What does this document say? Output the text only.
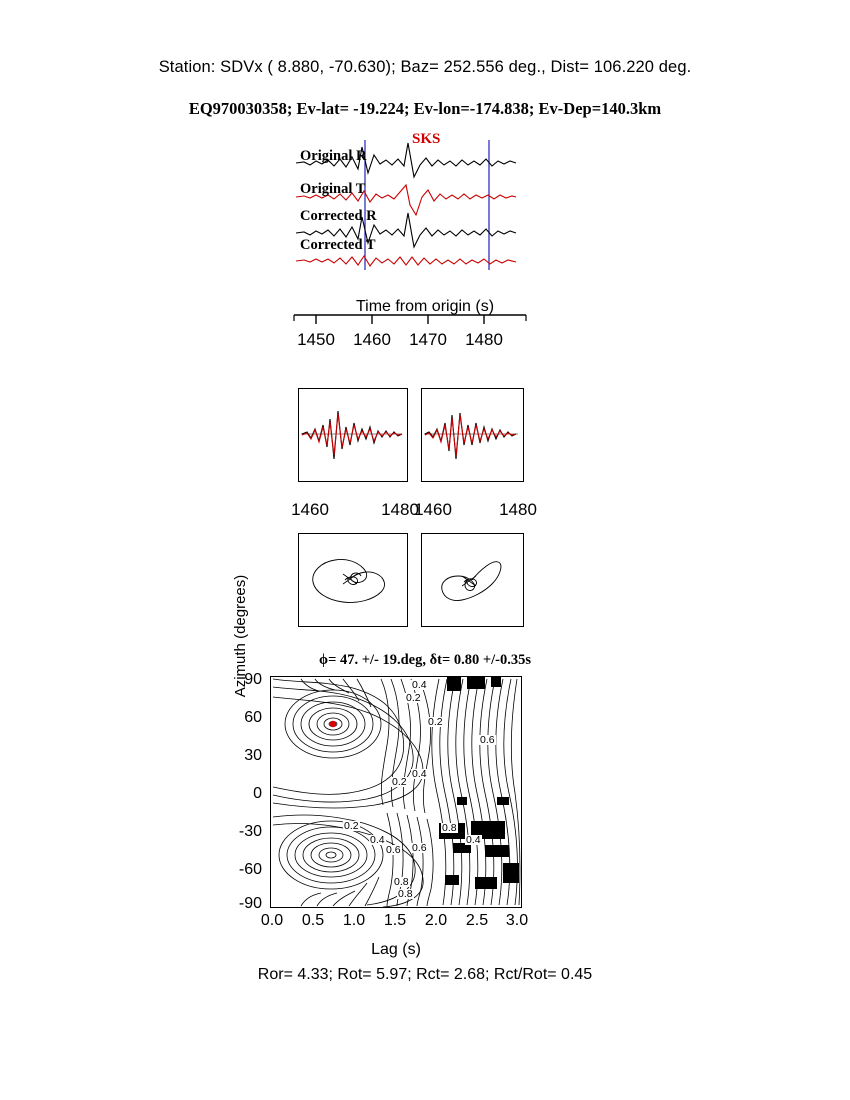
Station: SDVx ( 8.880, -70.630); Baz= 252.556 deg., Dist= 106.220 deg.
EQ970030358; Ev-lat= -19.224; Ev-lon=-174.838; Ev-Dep=140.3km
SKS
Original R
Original T
Corrected R
Corrected T
Time from origin (s)
1450 1460 1470 1480
1460	1480
1460	1480
ϕ= 47. +/- 19.deg, δt= 0.80 +/-0.35s
Azimuth (degrees)
90
60
30
0
-30
-60
-90
0.4
0.2
0.2
0.2
0.4
0.6
0.2
0.4
0.6
0.8
0.4
0.6
0.8
0.8
0.0 0.5 1.0 1.5 2.0 2.5 3.0
Lag (s)
Ror= 4.33; Rot= 5.97; Rct= 2.68; Rct/Rot= 0.45
